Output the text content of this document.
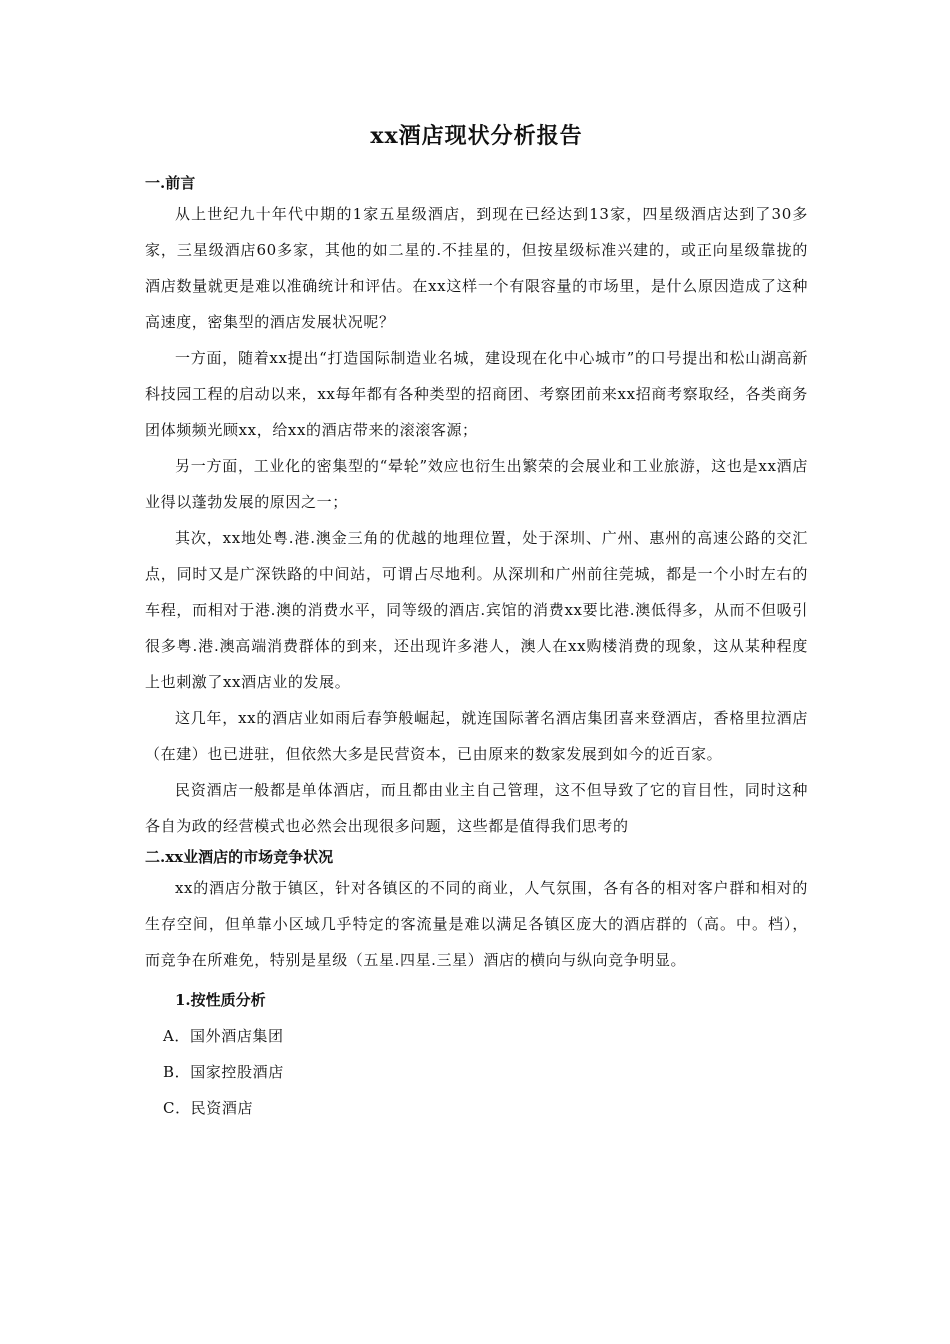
xx酒店现状分析报告
一.前言

从上世纪九十年代中期的1家五星级酒店，到现在已经达到13家，四星级酒店达到了30多家，三星级酒店60多家，其他的如二星的.不挂星的，但按星级标准兴建的，或正向星级靠拢的酒店数量就更是难以准确统计和评估。在xx这样一个有限容量的市场里，是什么原因造成了这种高速度，密集型的酒店发展状况呢？

一方面，随着xx提出“打造国际制造业名城，建设现在化中心城市”的口号提出和松山湖高新科技园工程的启动以来，xx每年都有各种类型的招商团、考察团前来xx招商考察取经，各类商务团体频频光顾xx，给xx的酒店带来的滚滚客源；

另一方面，工业化的密集型的“晕轮”效应也衍生出繁荣的会展业和工业旅游，这也是xx酒店业得以蓬勃发展的原因之一；

其次，xx地处粤.港.澳金三角的优越的地理位置，处于深圳、广州、惠州的高速公路的交汇点，同时又是广深铁路的中间站，可谓占尽地利。从深圳和广州前往莞城，都是一个小时左右的车程，而相对于港.澳的消费水平，同等级的酒店.宾馆的消费xx要比港.澳低得多，从而不但吸引很多粤.港.澳高端消费群体的到来，还出现许多港人，澳人在xx购楼消费的现象，这从某种程度上也刺激了xx酒店业的发展。

这几年，xx的酒店业如雨后春笋般崛起，就连国际著名酒店集团喜来登酒店，香格里拉酒店（在建）也已进驻，但依然大多是民营资本，已由原来的数家发展到如今的近百家。

民资酒店一般都是单体酒店，而且都由业主自己管理，这不但导致了它的盲目性，同时这种各自为政的经营模式也必然会出现很多问题，这些都是值得我们思考的

二.xx业酒店的市场竞争状况

xx的酒店分散于镇区，针对各镇区的不同的商业，人气氛围，各有各的相对客户群和相对的生存空间，但单靠小区域几乎特定的客流量是难以满足各镇区庞大的酒店群的（高。中。档），而竞争在所难免，特别是星级（五星.四星.三星）酒店的横向与纵向竞争明显。

1.按性质分析

A．国外酒店集团

B．国家控股酒店

C．民资酒店
